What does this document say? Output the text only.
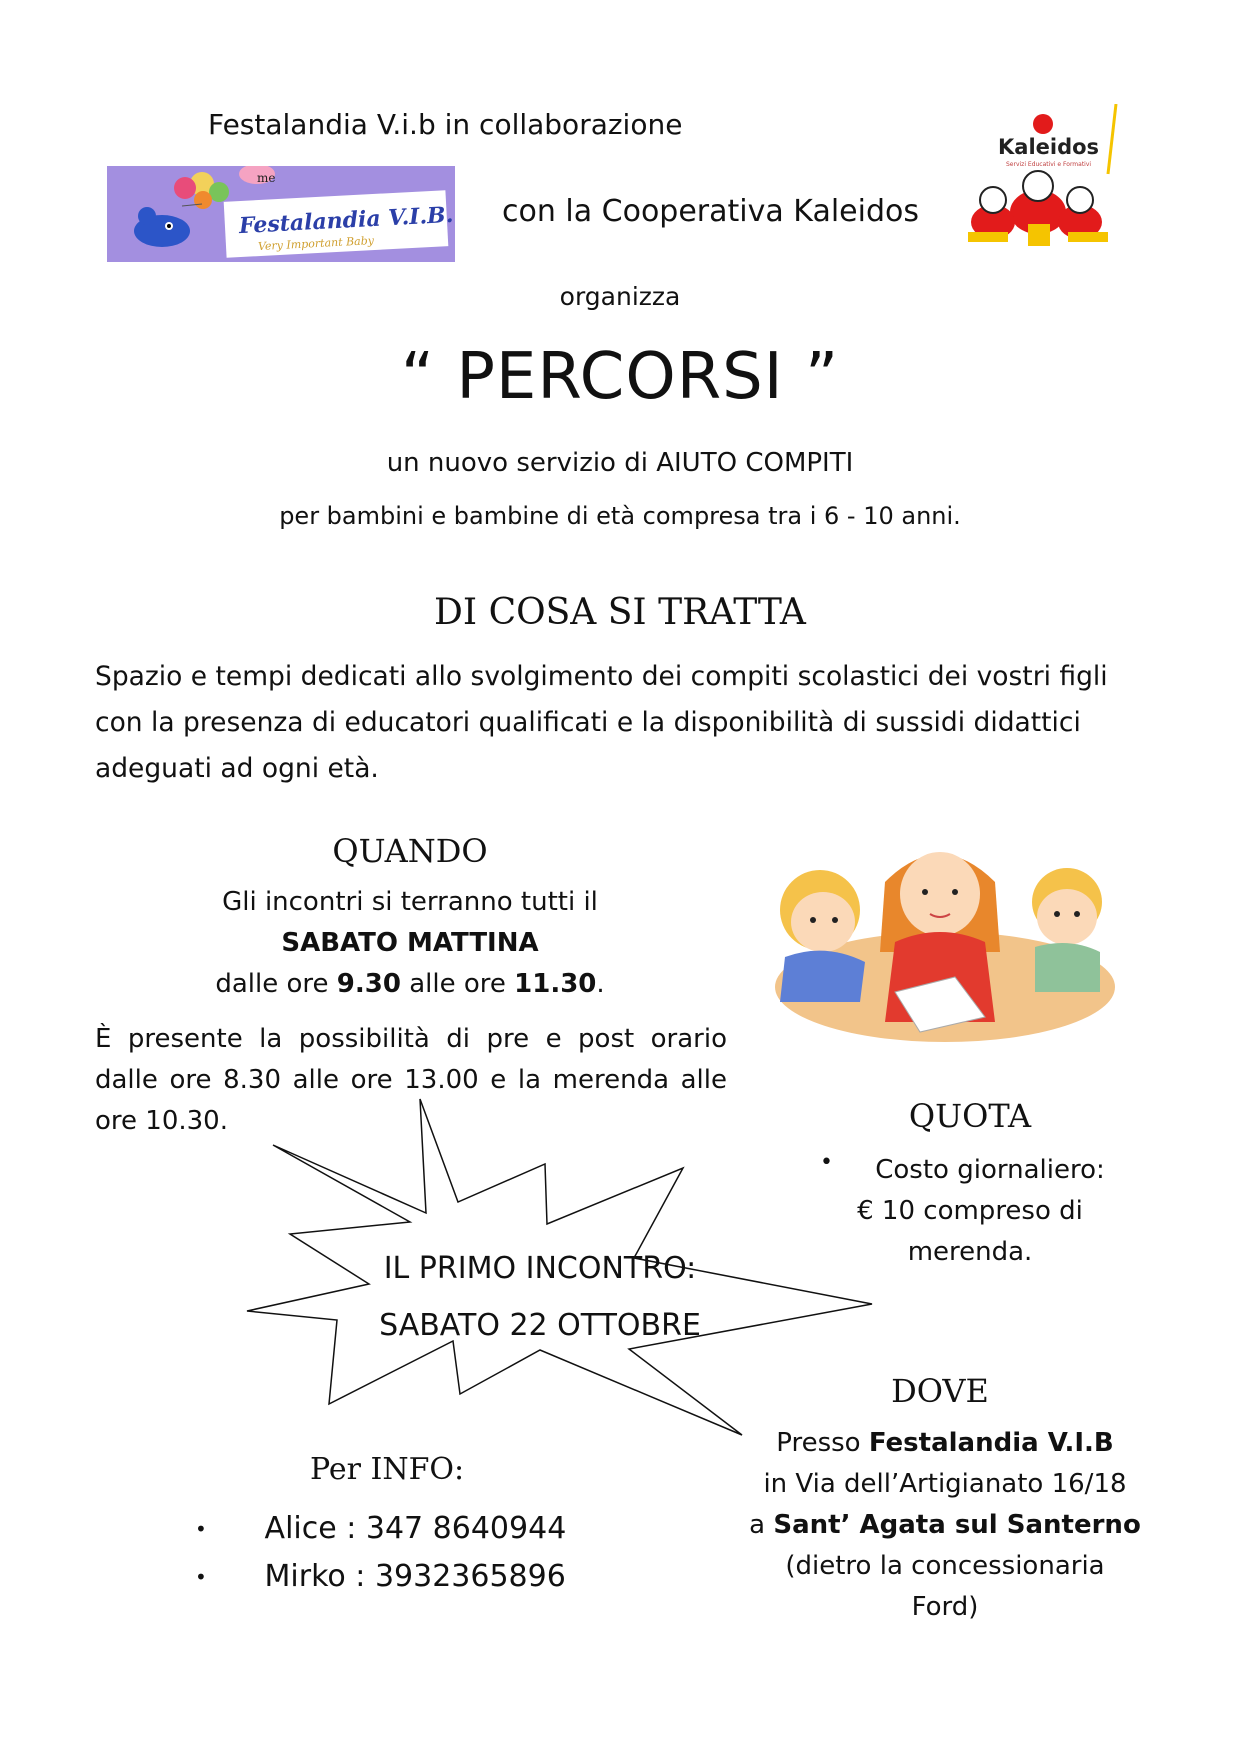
Festalandia V.i.b in collaborazione
me
Festalandia V.I.B.
Very Important Baby
con la Cooperativa Kaleidos
Kaleidos
Servizi Educativi e Formativi
organizza
“ PERCORSI ”
un nuovo servizio di AIUTO COMPITI
per bambini e bambine di età compresa tra i 6 - 10 anni.
DI COSA SI TRATTA
Spazio e tempi dedicati allo svolgimento dei compiti scolastici dei vostri figli
con la presenza di educatori qualificati e la disponibilità di sussidi didattici
adeguati ad ogni età.
QUANDO
Gli incontri si terranno tutti il
SABATO MATTINA
dalle ore 9.30 alle ore 11.30.
È presente la possibilità di pre e post orario
dalle ore 8.30 alle ore 13.00 e la merenda alle
ore 10.30.	QUOTA
•	Costo giornaliero:
€ 10 compreso di
merenda.
IL PRIMO INCONTRO:
SABATO 22 OTTOBRE
DOVE
Presso Festalandia V.I.B
in Via dell’Artigianato 16/18
a Sant’ Agata sul Santerno
(dietro la concessionaria
Ford)
Per INFO:
• Alice : 347 8640944
• Mirko : 3932365896
